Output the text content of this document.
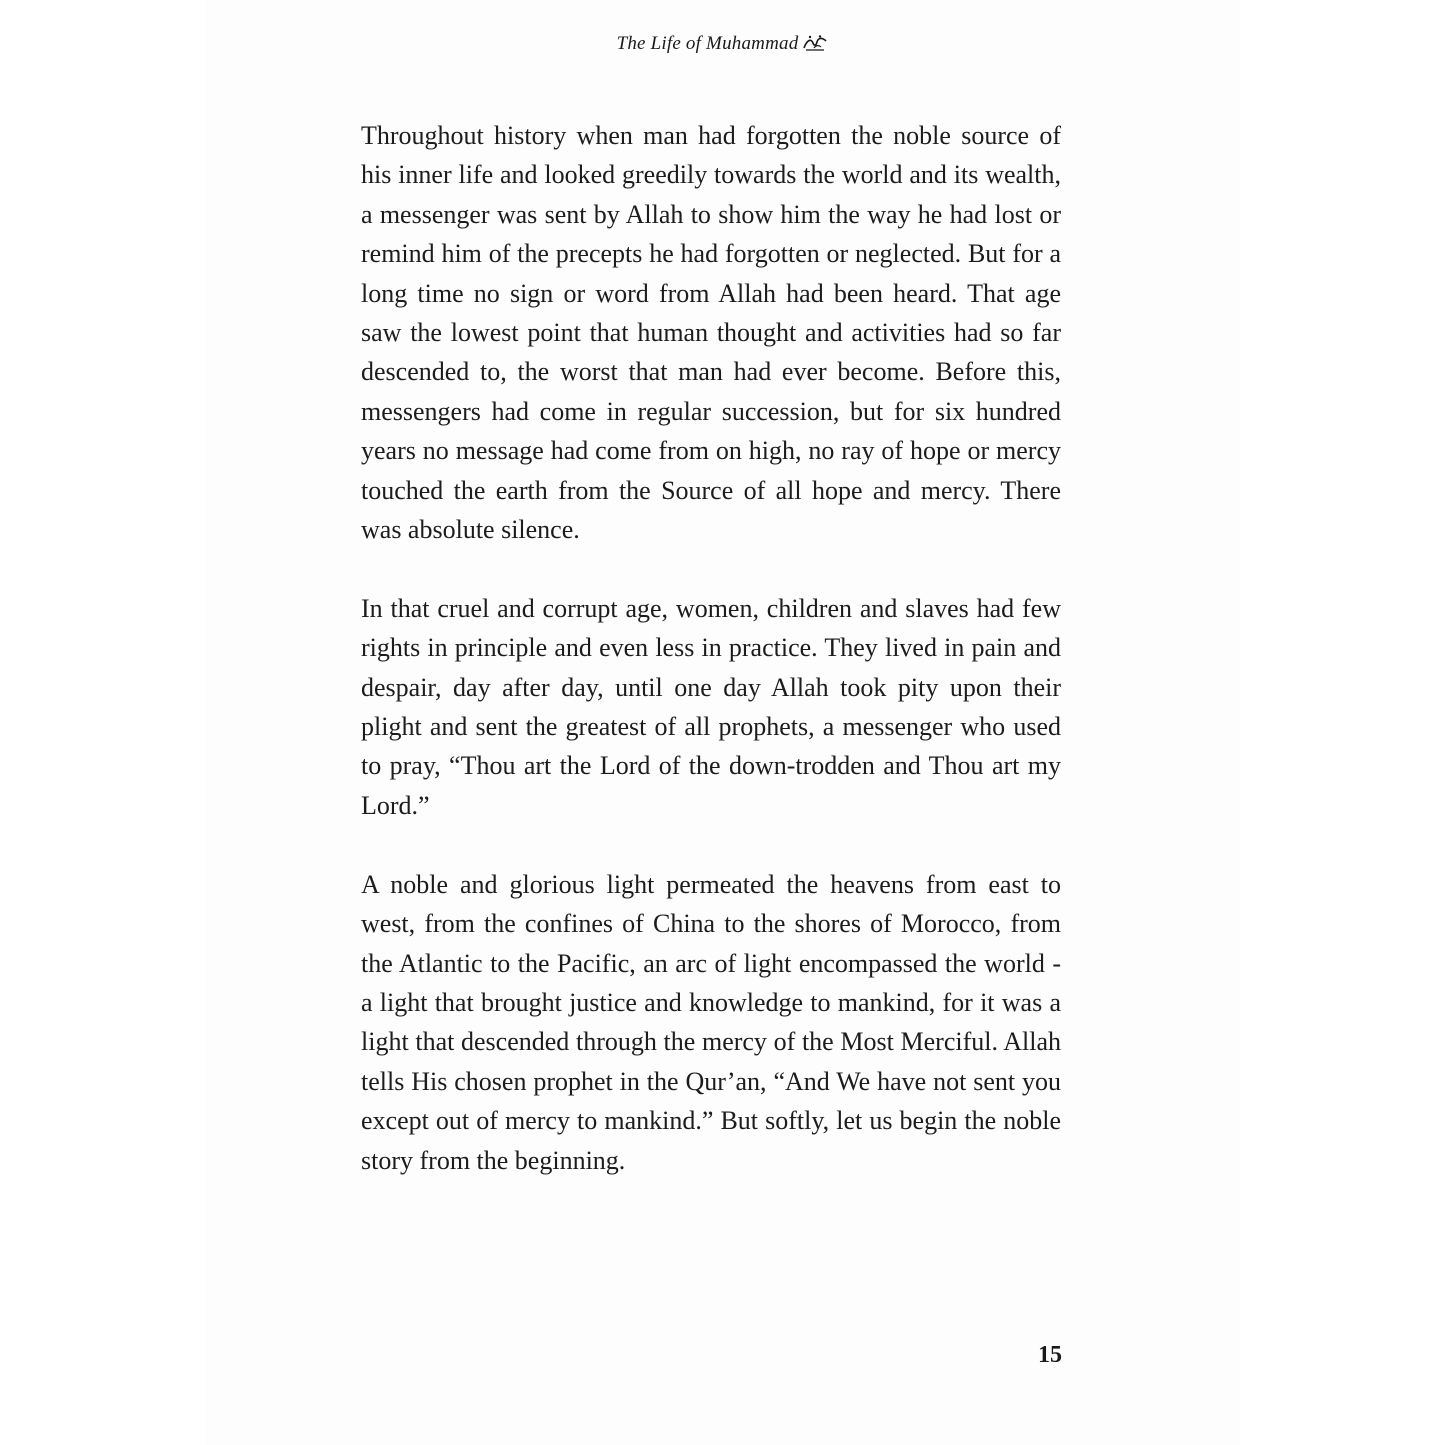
The Life of Muhammad

Throughout history when man had forgotten the noble source of his inner life and looked greedily towards the world and its wealth, a messenger was sent by Allah to show him the way he had lost or remind him of the precepts he had forgotten or neglected. But for a long time no sign or word from Allah had been heard. That age saw the lowest point that human thought and activities had so far descended to, the worst that man had ever become. Before this, messengers had come in regular succession, but for six hundred years no message had come from on high, no ray of hope or mercy touched the earth from the Source of all hope and mercy. There was absolute silence.

In that cruel and corrupt age, women, children and slaves had few rights in principle and even less in practice. They lived in pain and despair, day after day, until one day Allah took pity upon their plight and sent the greatest of all prophets, a messenger who used to pray, “Thou art the Lord of the down-trodden and Thou art my Lord.”

A noble and glorious light permeated the heavens from east to west, from the confines of China to the shores of Morocco, from the Atlantic to the Pacific, an arc of light encompassed the world - a light that brought justice and knowledge to mankind, for it was a light that descended through the mercy of the Most Merciful. Allah tells His chosen prophet in the Qur’an, “And We have not sent you except out of mercy to mankind.” But softly, let us begin the noble story from the beginning.

15
